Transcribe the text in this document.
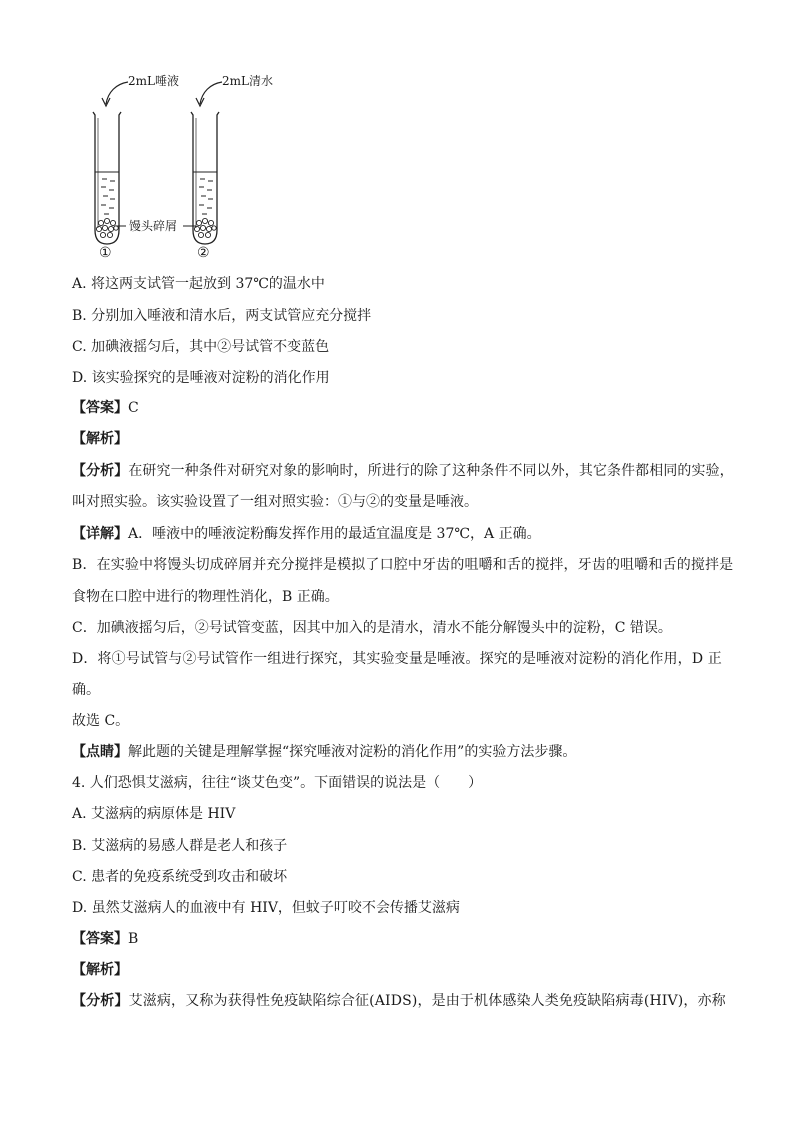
2mL唾液	2mL清水
馒头碎屑
①	②
A. 将这两支试管一起放到 37℃的温水中
B. 分别加入唾液和清水后，两支试管应充分搅拌
C. 加碘液摇匀后，其中②号试管不变蓝色
D. 该实验探究的是唾液对淀粉的消化作用
【答案】C
【解析】
【分析】在研究一种条件对研究对象的影响时，所进行的除了这种条件不同以外，其它条件都相同的实验，
叫对照实验。该实验设置了一组对照实验：①与②的变量是唾液。
【详解】A．唾液中的唾液淀粉酶发挥作用的最适宜温度是 37℃，A 正确。
B．在实验中将馒头切成碎屑并充分搅拌是模拟了口腔中牙齿的咀嚼和舌的搅拌，牙齿的咀嚼和舌的搅拌是
食物在口腔中进行的物理性消化，B 正确。
C．加碘液摇匀后，②号试管变蓝，因其中加入的是清水，清水不能分解馒头中的淀粉，C 错误。
D．将①号试管与②号试管作一组进行探究，其实验变量是唾液。探究的是唾液对淀粉的消化作用，D 正
确。
故选 C。
【点睛】解此题的关键是理解掌握“探究唾液对淀粉的消化作用”的实验方法步骤。
4. 人们恐惧艾滋病，往往“谈艾色变”。下面错误的说法是（　　）
A. 艾滋病的病原体是 HIV
B. 艾滋病的易感人群是老人和孩子
C. 患者的免疫系统受到攻击和破坏
D. 虽然艾滋病人的血液中有 HIV，但蚊子叮咬不会传播艾滋病
【答案】B
【解析】
【分析】艾滋病，又称为获得性免疫缺陷综合征(AIDS)，是由于机体感染人类免疫缺陷病毒(HIV)，亦称
